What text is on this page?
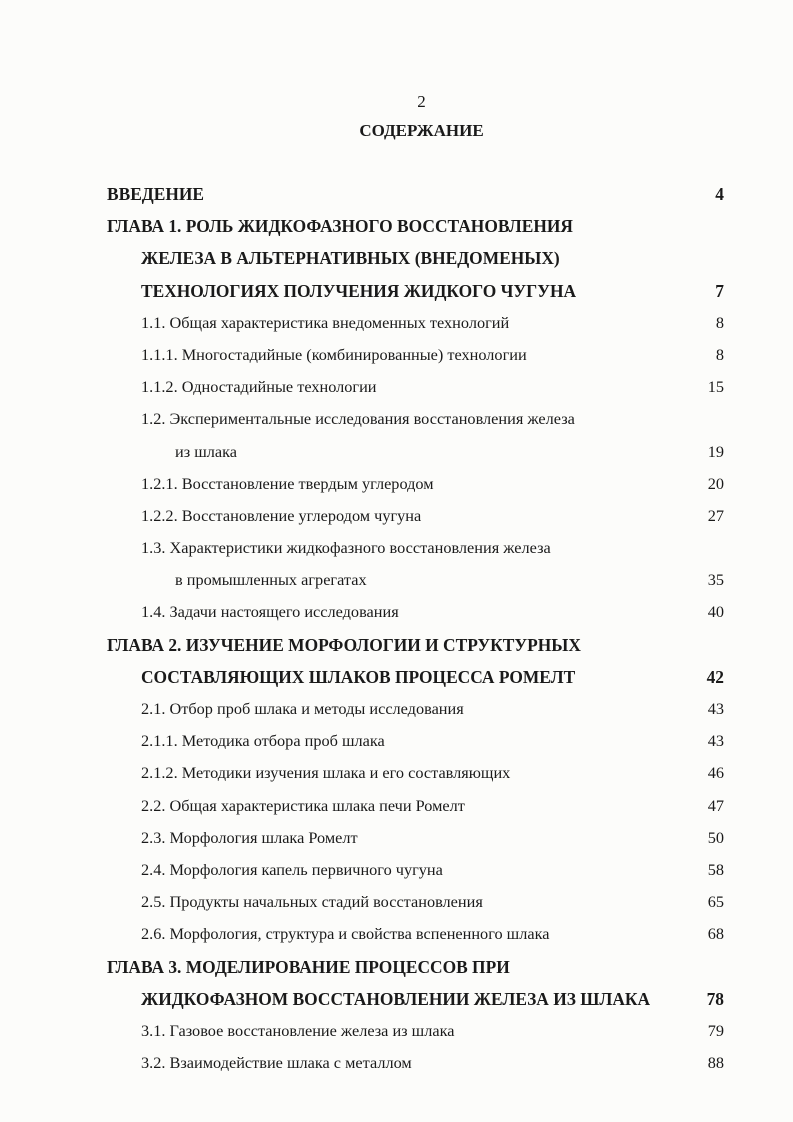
2
СОДЕРЖАНИЕ
ВВЕДЕНИЕ	4
ГЛАВА 1. РОЛЬ ЖИДКОФАЗНОГО ВОССТАНОВЛЕНИЯ
ЖЕЛЕЗА В АЛЬТЕРНАТИВНЫХ (ВНЕДОМЕНЫХ)
ТЕХНОЛОГИЯХ ПОЛУЧЕНИЯ ЖИДКОГО ЧУГУНА	7
1.1. Общая характеристика внедоменных технологий	8
1.1.1. Многостадийные (комбинированные) технологии	8
1.1.2. Одностадийные технологии	15
1.2. Экспериментальные исследования восстановления железа
из шлака	19
1.2.1. Восстановление твердым углеродом	20
1.2.2. Восстановление углеродом чугуна	27
1.3. Характеристики жидкофазного восстановления железа
в промышленных агрегатах	35
1.4. Задачи настоящего исследования	40
ГЛАВА 2. ИЗУЧЕНИЕ МОРФОЛОГИИ И СТРУКТУРНЫХ
СОСТАВЛЯЮЩИХ ШЛАКОВ ПРОЦЕССА РОМЕЛТ	42
2.1. Отбор проб шлака и методы исследования	43
2.1.1. Методика отбора проб шлака	43
2.1.2. Методики изучения шлака и его составляющих	46
2.2. Общая характеристика шлака печи Ромелт	47
2.3. Морфология шлака Ромелт	50
2.4. Морфология капель первичного чугуна	58
2.5. Продукты начальных стадий восстановления	65
2.6. Морфология, структура и свойства вспененного шлака	68
ГЛАВА 3. МОДЕЛИРОВАНИЕ ПРОЦЕССОВ ПРИ
ЖИДКОФАЗНОМ ВОССТАНОВЛЕНИИ ЖЕЛЕЗА ИЗ ШЛАКА	78
3.1. Газовое восстановление железа из шлака	79
3.2. Взаимодействие шлака с металлом	88
